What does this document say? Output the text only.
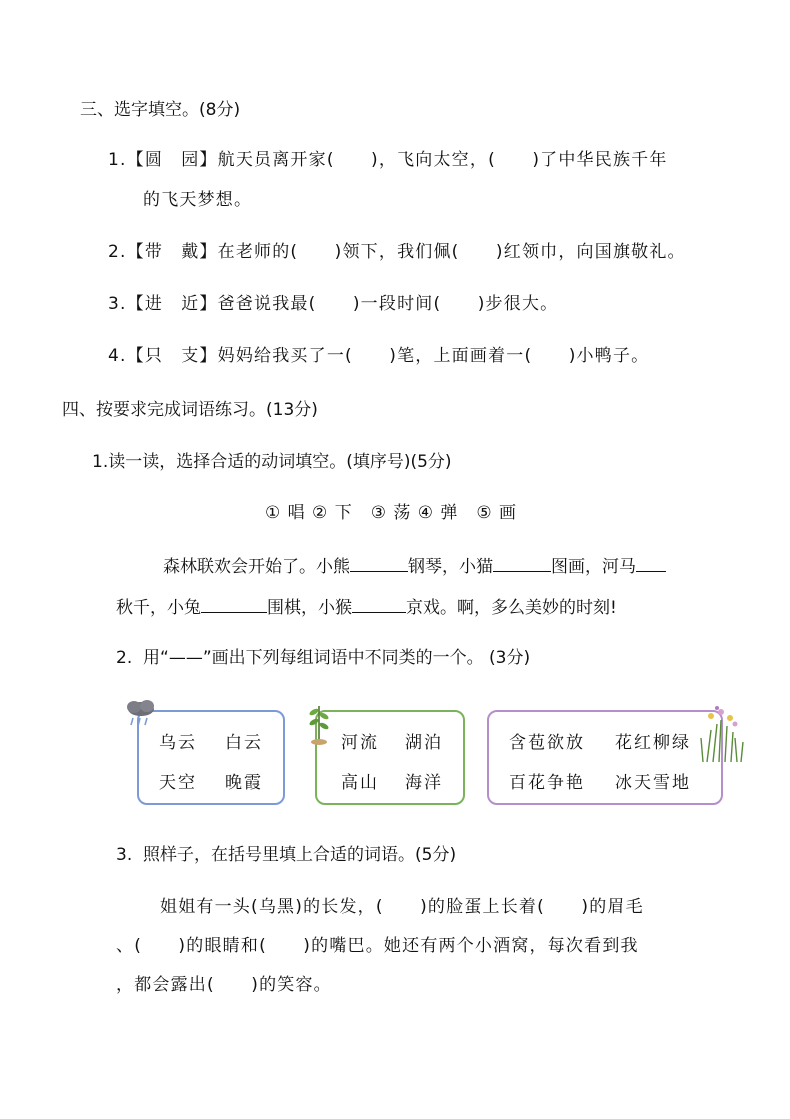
三、选字填空。(8分)
1.【圆　园】航天员离开家(　　)，飞向太空，(　　)了中华民族千年
的飞天梦想。
2.【带　戴】在老师的(　　)领下，我们佩(　　)红领巾，向国旗敬礼。
3.【进　近】爸爸说我最(　　)一段时间(　　)步很大。
4.【只　支】妈妈给我买了一(　　)笔，上面画着一(　　)小鸭子。
四、按要求完成词语练习。(13分)
1.读一读，选择合适的动词填空。(填序号)(5分)
① 唱 ② 下　③ 荡 ④ 弹　⑤ 画
森林联欢会开始了。小熊	钢琴，小猫	图画，河马
秋千，小兔	围棋，小猴	京戏。啊，多么美妙的时刻!
2.  用“——”画出下列每组词语中不同类的一个。 (3分)
乌云 白云
天空 晚霞
河流 湖泊
高山 海洋
含苞欲放 花红柳绿
百花争艳 冰天雪地
3.  照样子，在括号里填上合适的词语。(5分)
姐姐有一头(乌黑)的长发，(　　)的脸蛋上长着(　　)的眉毛
、(　　)的眼睛和(　　)的嘴巴。她还有两个小酒窝，每次看到我
，都会露出(　　)的笑容。
